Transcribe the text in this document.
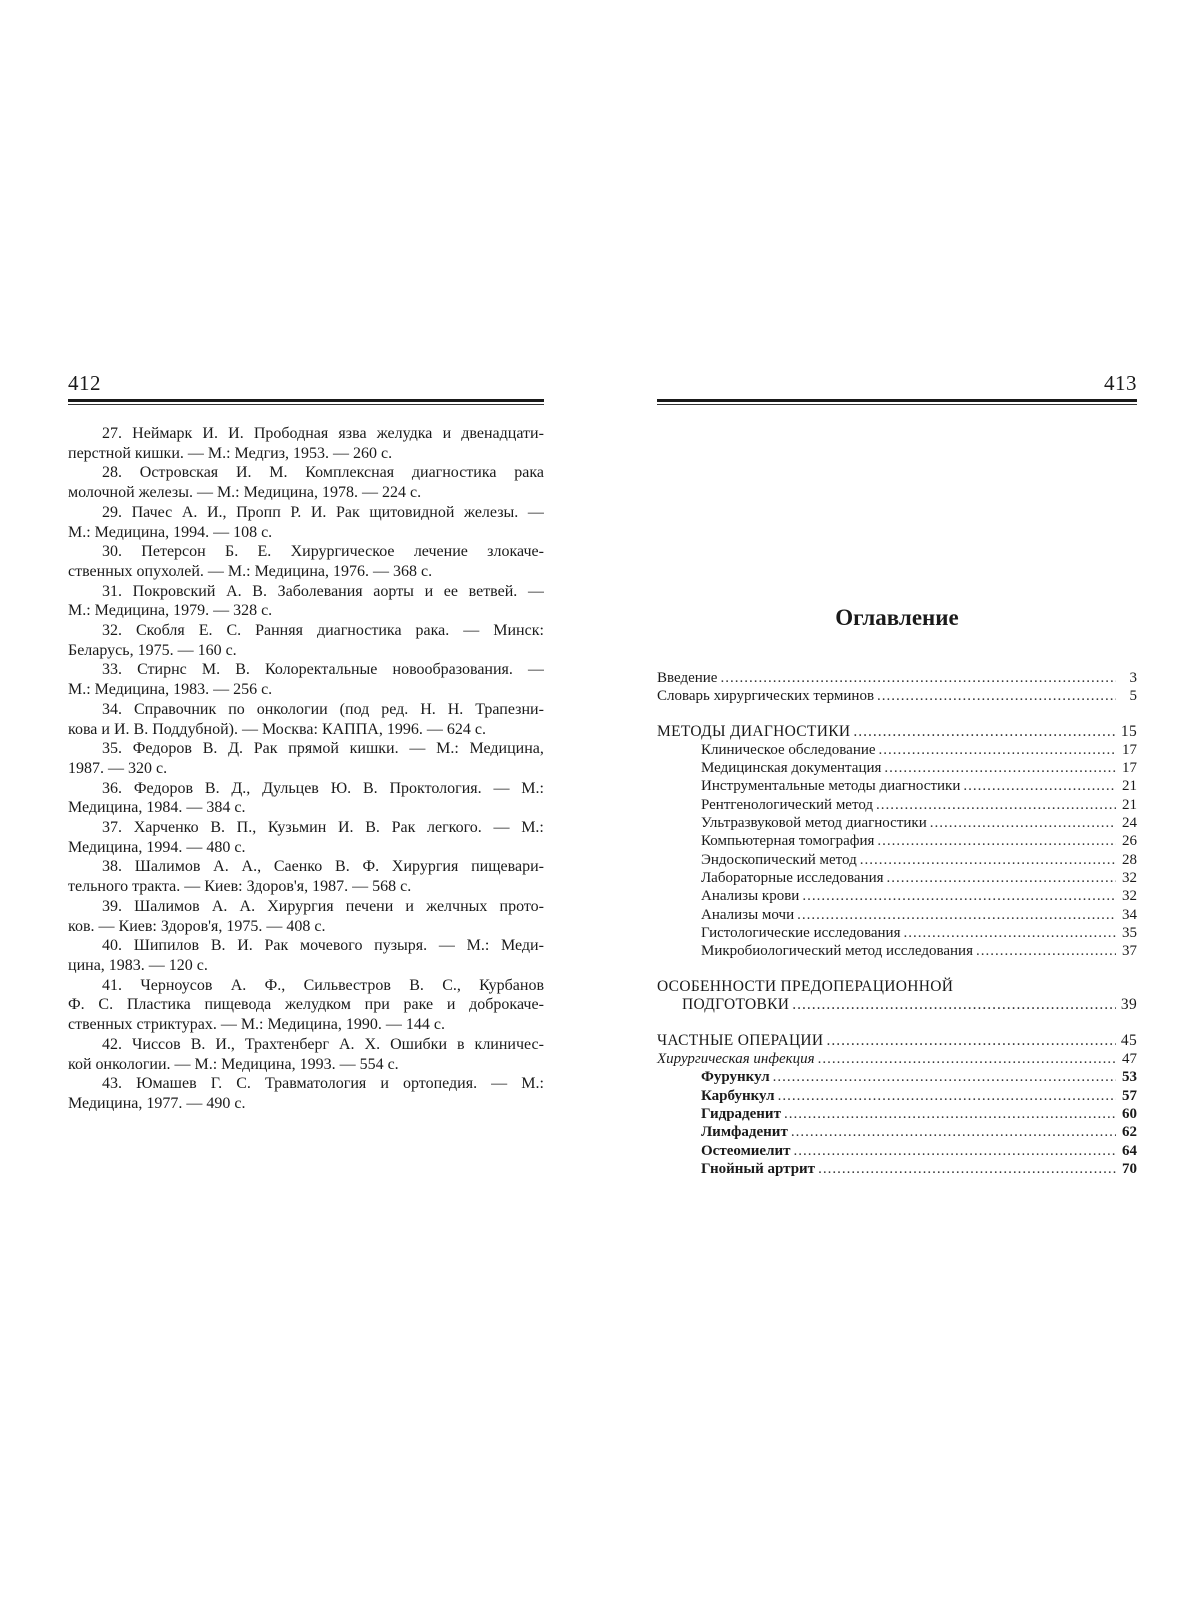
412
27. Неймарк И. И. Прободная язва желудка и двенадцати-
перстной кишки. — М.: Медгиз, 1953. — 260 с.
28. Островская И. М. Комплексная диагностика рака
молочной железы. — М.: Медицина, 1978. — 224 с.
29. Пачес А. И., Пропп Р. И. Рак щитовидной железы. —
М.: Медицина, 1994. — 108 с.
30. Петерсон Б. Е. Хирургическое лечение злокаче-
ственных опухолей. — М.: Медицина, 1976. — 368 с.
31. Покровский А. В. Заболевания аорты и ее ветвей. —
М.: Медицина, 1979. — 328 с.
32. Скобля Е. С. Ранняя диагностика рака. — Минск:
Беларусь, 1975. — 160 с.
33. Стирнс М. В. Колоректальные новообразования. —
М.: Медицина, 1983. — 256 с.
34. Справочник по онкологии (под ред. Н. Н. Трапезни-
кова и И. В. Поддубной). — Москва: КАППА, 1996. — 624 с.
35. Федоров В. Д. Рак прямой кишки. — М.: Медицина,
1987. — 320 с.
36. Федоров В. Д., Дульцев Ю. В. Проктология. — М.:
Медицина, 1984. — 384 с.
37. Харченко В. П., Кузьмин И. В. Рак легкого. — М.:
Медицина, 1994. — 480 с.
38. Шалимов А. А., Саенко В. Ф. Хирургия пищевари-
тельного тракта. — Киев: Здоров'я, 1987. — 568 с.
39. Шалимов А. А. Хирургия печени и желчных прото-
ков. — Киев: Здоров'я, 1975. — 408 с.
40. Шипилов В. И. Рак мочевого пузыря. — М.: Меди-
цина, 1983. — 120 с.
41. Черноусов А. Ф., Сильвестров В. С., Курбанов
Ф. С. Пластика пищевода желудком при раке и доброкаче-
ственных стриктурах. — М.: Медицина, 1990. — 144 с.
42. Чиссов В. И., Трахтенберг А. Х. Ошибки в клиничес-
кой онкологии. — М.: Медицина, 1993. — 554 с.
43. Юмашев Г. С. Травматология и ортопедия. — М.:
Медицина, 1977. — 490 с.
413
Оглавление
Введение .....	3
Словарь хирургических терминов .....	5
МЕТОДЫ ДИАГНОСТИКИ .....	15
Клиническое обследование .....	17
Медицинская документация .....	17
Инструментальные методы диагностики .....	21
Рентгенологический метод .....	21
Ультразвуковой метод диагностики .....	24
Компьютерная томография .....	26
Эндоскопический метод .....	28
Лабораторные исследования .....	32
Анализы крови .....	32
Анализы мочи .....	34
Гистологические исследования .....	35
Микробиологический метод исследования .....	37
ОСОБЕННОСТИ ПРЕДОПЕРАЦИОННОЙ
ПОДГОТОВКИ .....	39
ЧАСТНЫЕ ОПЕРАЦИИ .....	45
Хирургическая инфекция .....	47
Фурункул .....	53
Карбункул .....	57
Гидраденит .....	60
Лимфаденит .....	62
Остеомиелит .....	64
Гнойный артрит .....	70
